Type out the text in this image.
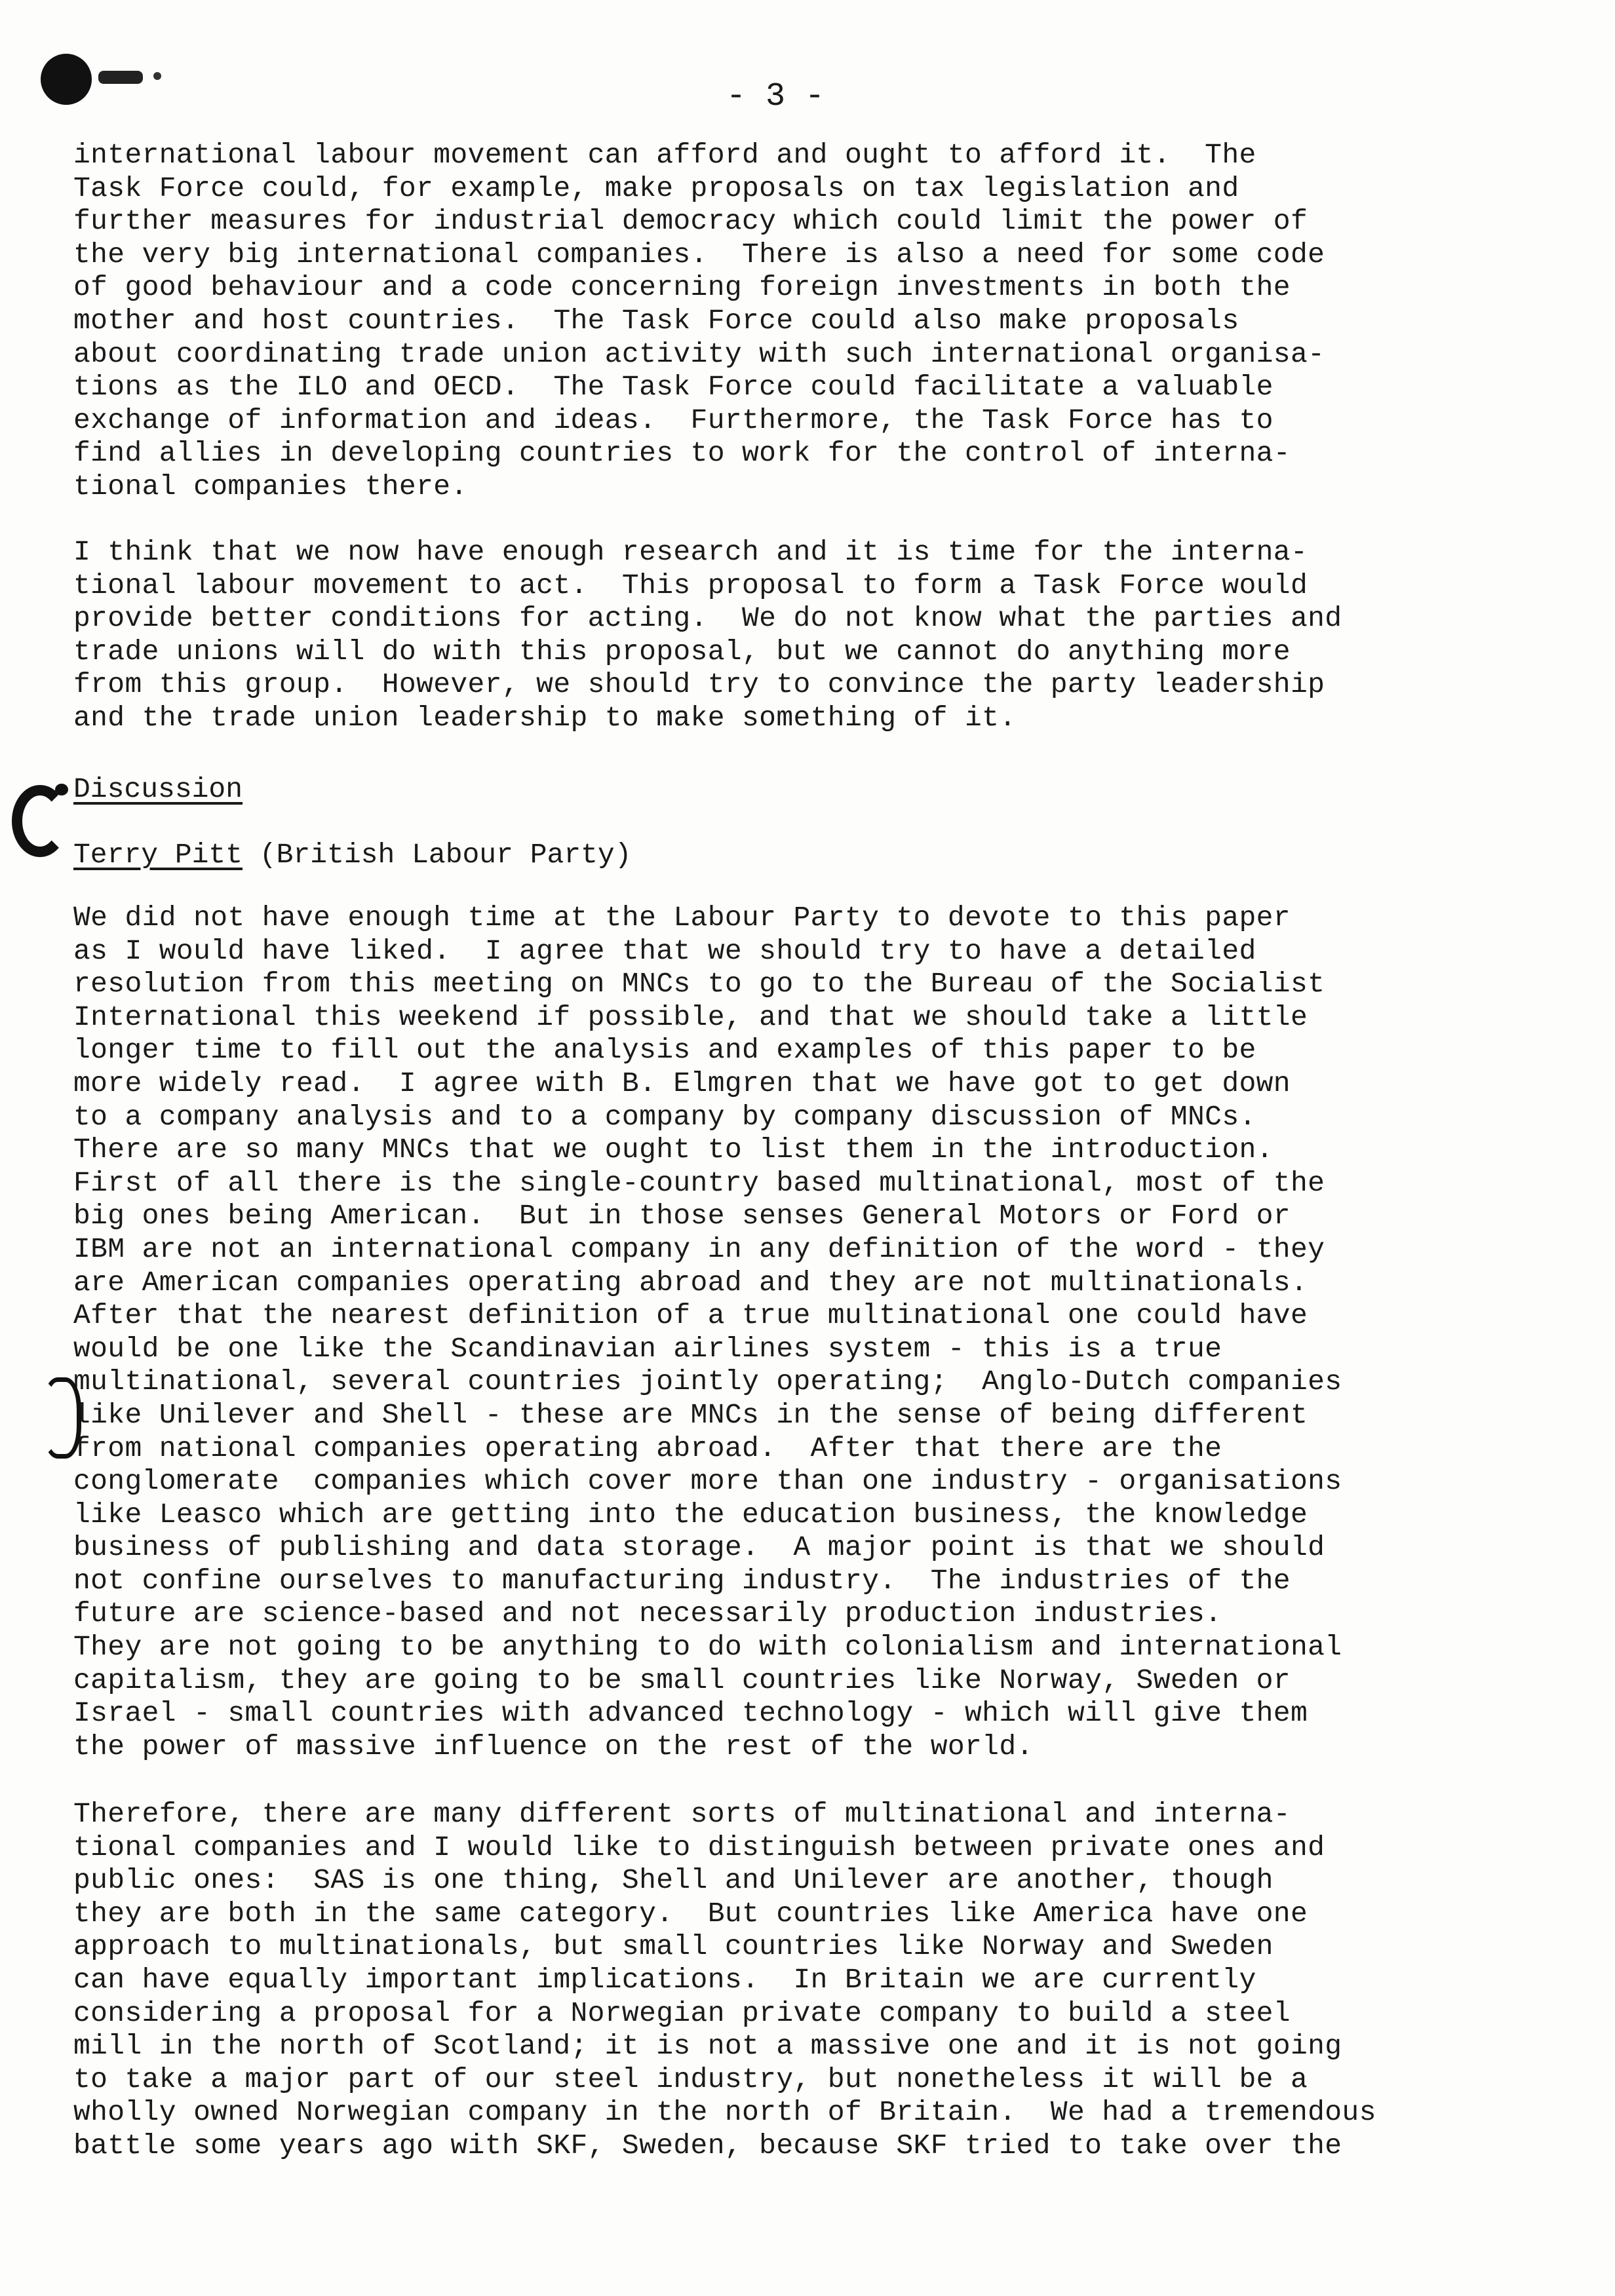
- 3 -
international labour movement can afford and ought to afford it.  The
Task Force could, for example, make proposals on tax legislation and
further measures for industrial democracy which could limit the power of
the very big international companies.  There is also a need for some code
of good behaviour and a code concerning foreign investments in both the
mother and host countries.  The Task Force could also make proposals
about coordinating trade union activity with such international organisa-
tions as the ILO and OECD.  The Task Force could facilitate a valuable
exchange of information and ideas.  Furthermore, the Task Force has to
find allies in developing countries to work for the control of interna-
tional companies there.
I think that we now have enough research and it is time for the interna-
tional labour movement to act.  This proposal to form a Task Force would
provide better conditions for acting.  We do not know what the parties and
trade unions will do with this proposal, but we cannot do anything more
from this group.  However, we should try to convince the party leadership
and the trade union leadership to make something of it.
Discussion
Terry Pitt (British Labour Party)
We did not have enough time at the Labour Party to devote to this paper
as I would have liked.  I agree that we should try to have a detailed
resolution from this meeting on MNCs to go to the Bureau of the Socialist
International this weekend if possible, and that we should take a little
longer time to fill out the analysis and examples of this paper to be
more widely read.  I agree with B. Elmgren that we have got to get down
to a company analysis and to a company by company discussion of MNCs.
There are so many MNCs that we ought to list them in the introduction.
First of all there is the single-country based multinational, most of the
big ones being American.  But in those senses General Motors or Ford or
IBM are not an international company in any definition of the word - they
are American companies operating abroad and they are not multinationals.
After that the nearest definition of a true multinational one could have
would be one like the Scandinavian airlines system - this is a true
multinational, several countries jointly operating;  Anglo-Dutch companies
like Unilever and Shell - these are MNCs in the sense of being different
from national companies operating abroad.  After that there are the
conglomerate  companies which cover more than one industry - organisations
like Leasco which are getting into the education business, the knowledge
business of publishing and data storage.  A major point is that we should
not confine ourselves to manufacturing industry.  The industries of the
future are science-based and not necessarily production industries.
They are not going to be anything to do with colonialism and international
capitalism, they are going to be small countries like Norway, Sweden or
Israel - small countries with advanced technology - which will give them
the power of massive influence on the rest of the world.
Therefore, there are many different sorts of multinational and interna-
tional companies and I would like to distinguish between private ones and
public ones:  SAS is one thing, Shell and Unilever are another, though
they are both in the same category.  But countries like America have one
approach to multinationals, but small countries like Norway and Sweden
can have equally important implications.  In Britain we are currently
considering a proposal for a Norwegian private company to build a steel
mill in the north of Scotland; it is not a massive one and it is not going
to take a major part of our steel industry, but nonetheless it will be a
wholly owned Norwegian company in the north of Britain.  We had a tremendous
battle some years ago with SKF, Sweden, because SKF tried to take over the
